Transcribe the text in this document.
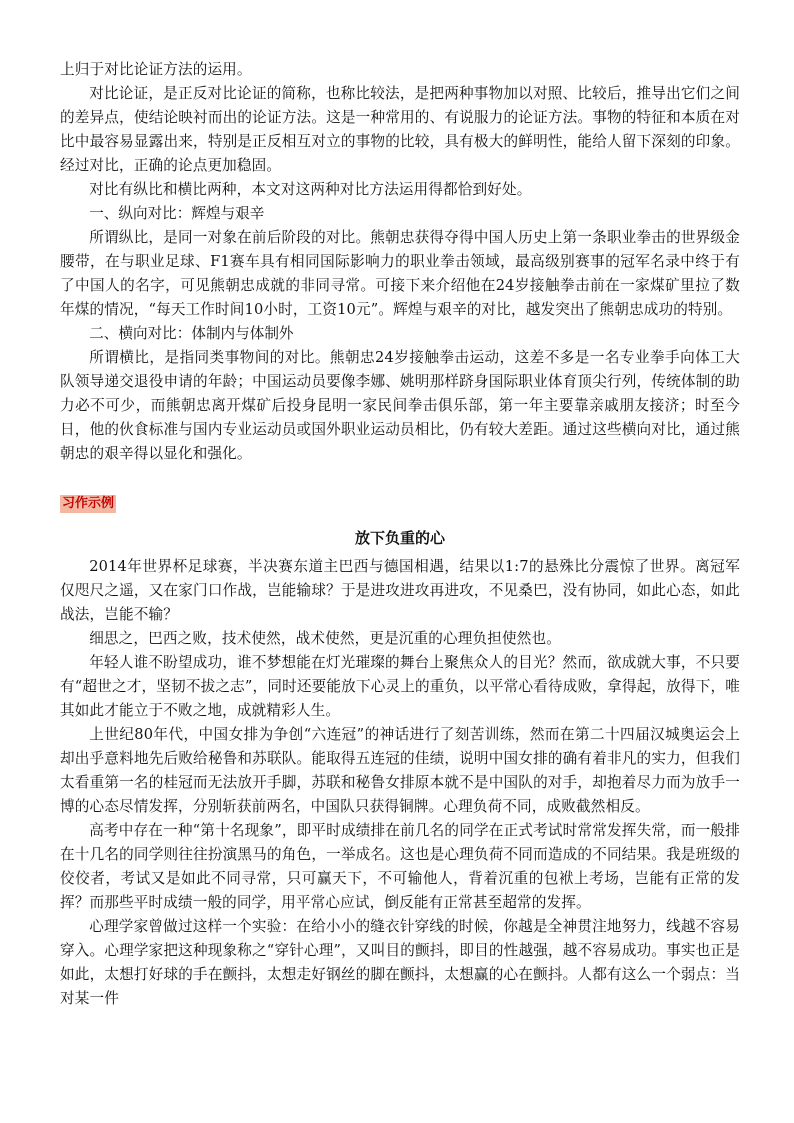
上归于对比论证方法的运用。

对比论证，是正反对比论证的简称，也称比较法，是把两种事物加以对照、比较后，推导出它们之间的差异点，使结论映衬而出的论证方法。这是一种常用的、有说服力的论证方法。事物的特征和本质在对比中最容易显露出来，特别是正反相互对立的事物的比较，具有极大的鲜明性，能给人留下深刻的印象。经过对比，正确的论点更加稳固。

对比有纵比和横比两种，本文对这两种对比方法运用得都恰到好处。

一、纵向对比：辉煌与艰辛

所谓纵比，是同一对象在前后阶段的对比。熊朝忠获得夺得中国人历史上第一条职业拳击的世界级金腰带，在与职业足球、F1赛车具有相同国际影响力的职业拳击领域，最高级别赛事的冠军名录中终于有了中国人的名字，可见熊朝忠成就的非同寻常。可接下来介绍他在24岁接触拳击前在一家煤矿里拉了数年煤的情况，“每天工作时间10小时，工资10元”。辉煌与艰辛的对比，越发突出了熊朝忠成功的特别。

二、横向对比：体制内与体制外

所谓横比，是指同类事物间的对比。熊朝忠24岁接触拳击运动，这差不多是一名专业拳手向体工大队领导递交退役申请的年龄；中国运动员要像李娜、姚明那样跻身国际职业体育顶尖行列，传统体制的助力必不可少，而熊朝忠离开煤矿后投身昆明一家民间拳击俱乐部，第一年主要靠亲戚朋友接济；时至今日，他的伙食标准与国内专业运动员或国外职业运动员相比，仍有较大差距。通过这些横向对比，通过熊朝忠的艰辛得以显化和强化。

习作示例
放下负重的心

2014年世界杯足球赛，半决赛东道主巴西与德国相遇，结果以1:7的悬殊比分震惊了世界。离冠军仅咫尺之遥，又在家门口作战，岂能输球？于是进攻进攻再进攻，不见桑巴，没有协同，如此心态，如此战法，岂能不输？

细思之，巴西之败，技术使然，战术使然，更是沉重的心理负担使然也。

年轻人谁不盼望成功，谁不梦想能在灯光璀璨的舞台上聚焦众人的目光？然而，欲成就大事，不只要有“超世之才，坚韧不拔之志”，同时还要能放下心灵上的重负，以平常心看待成败，拿得起，放得下，唯其如此才能立于不败之地，成就精彩人生。

上世纪80年代，中国女排为争创“六连冠”的神话进行了刻苦训练，然而在第二十四届汉城奥运会上却出乎意料地先后败给秘鲁和苏联队。能取得五连冠的佳绩，说明中国女排的确有着非凡的实力，但我们太看重第一名的桂冠而无法放开手脚，苏联和秘鲁女排原本就不是中国队的对手，却抱着尽力而为放手一博的心态尽情发挥，分别斩获前两名，中国队只获得铜牌。心理负荷不同，成败截然相反。

高考中存在一种“第十名现象”，即平时成绩排在前几名的同学在正式考试时常常发挥失常，而一般排在十几名的同学则往往扮演黑马的角色，一举成名。这也是心理负荷不同而造成的不同结果。我是班级的佼佼者，考试又是如此不同寻常，只可赢天下，不可输他人，背着沉重的包袱上考场，岂能有正常的发挥？而那些平时成绩一般的同学，用平常心应试，倒反能有正常甚至超常的发挥。

心理学家曾做过这样一个实验：在给小小的缝衣针穿线的时候，你越是全神贯注地努力，线越不容易穿入。心理学家把这种现象称之“穿针心理”，又叫目的颤抖，即目的性越强，越不容易成功。事实也正是如此，太想打好球的手在颤抖，太想走好钢丝的脚在颤抖，太想赢的心在颤抖。人都有这么一个弱点：当对某一件
